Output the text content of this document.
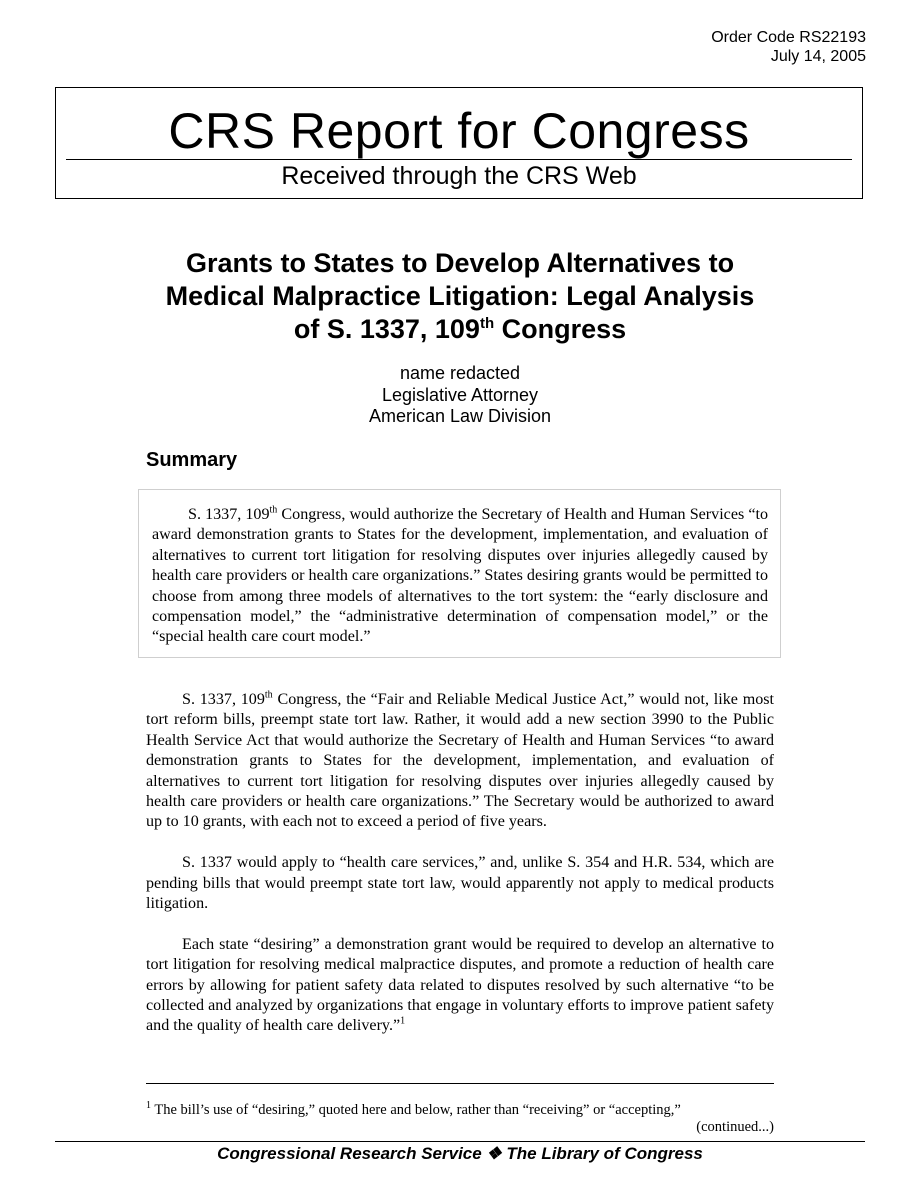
Order Code RS22193
July 14, 2005
CRS Report for Congress
Received through the CRS Web
Grants to States to Develop Alternatives to
Medical Malpractice Litigation: Legal Analysis
of S. 1337, 109th Congress
name redacted
Legislative Attorney
American Law Division
Summary

S. 1337, 109th Congress, would authorize the Secretary of Health and Human Services “to award demonstration grants to States for the development, implementation, and evaluation of alternatives to current tort litigation for resolving disputes over injuries allegedly caused by health care providers or health care organizations.” States desiring grants would be permitted to choose from among three models of alternatives to the tort system: the “early disclosure and compensation model,” the “administrative determination of compensation model,” or the “special health care court model.”

S. 1337, 109th Congress, the “Fair and Reliable Medical Justice Act,” would not, like most tort reform bills, preempt state tort law. Rather, it would add a new section 3990 to the Public Health Service Act that would authorize the Secretary of Health and Human Services “to award demonstration grants to States for the development, implementation, and evaluation of alternatives to current tort litigation for resolving disputes over injuries allegedly caused by health care providers or health care organizations.” The Secretary would be authorized to award up to 10 grants, with each not to exceed a period of five years.

S. 1337 would apply to “health care services,” and, unlike S. 354 and H.R. 534, which are pending bills that would preempt state tort law, would apparently not apply to medical products litigation.

Each state “desiring” a demonstration grant would be required to develop an alternative to tort litigation for resolving medical malpractice disputes, and promote a reduction of health care errors by allowing for patient safety data related to disputes resolved by such alternative “to be collected and analyzed by organizations that engage in voluntary efforts to improve patient safety and the quality of health care delivery.”$^1$

$^1$ The bill’s use of “desiring,” quoted here and below, rather than “receiving” or “accepting,”
(continued...)
Congressional Research Service ❖ The Library of Congress
